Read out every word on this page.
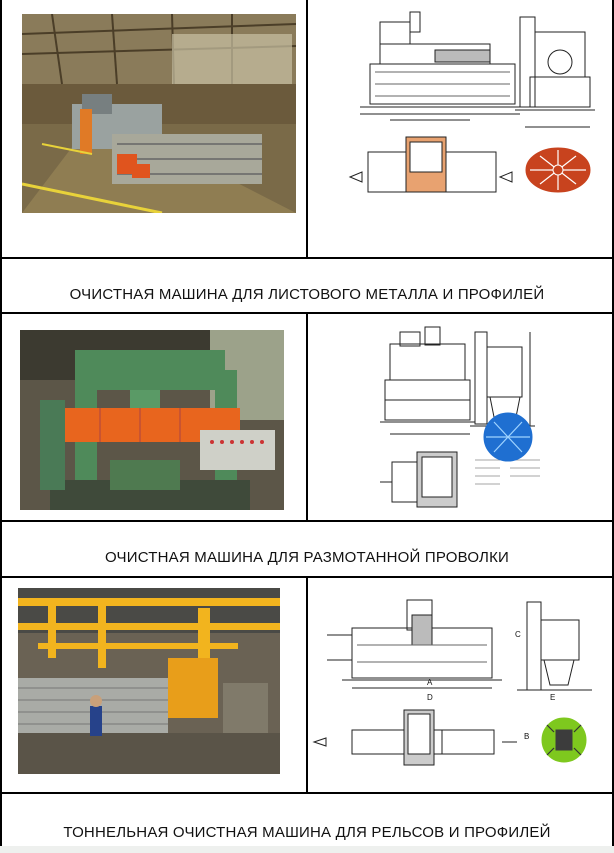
ОЧИСТНАЯ МАШИНА ДЛЯ ЛИСТОВОГО МЕТАЛЛА И ПРОФИЛЕЙ
ОЧИСТНАЯ МАШИНА ДЛЯ РАЗМОТАННОЙ ПРОВОЛКИ
A
D
C
E
B
ТОННЕЛЬНАЯ ОЧИСТНАЯ МАШИНА ДЛЯ РЕЛЬСОВ И ПРОФИЛЕЙ
